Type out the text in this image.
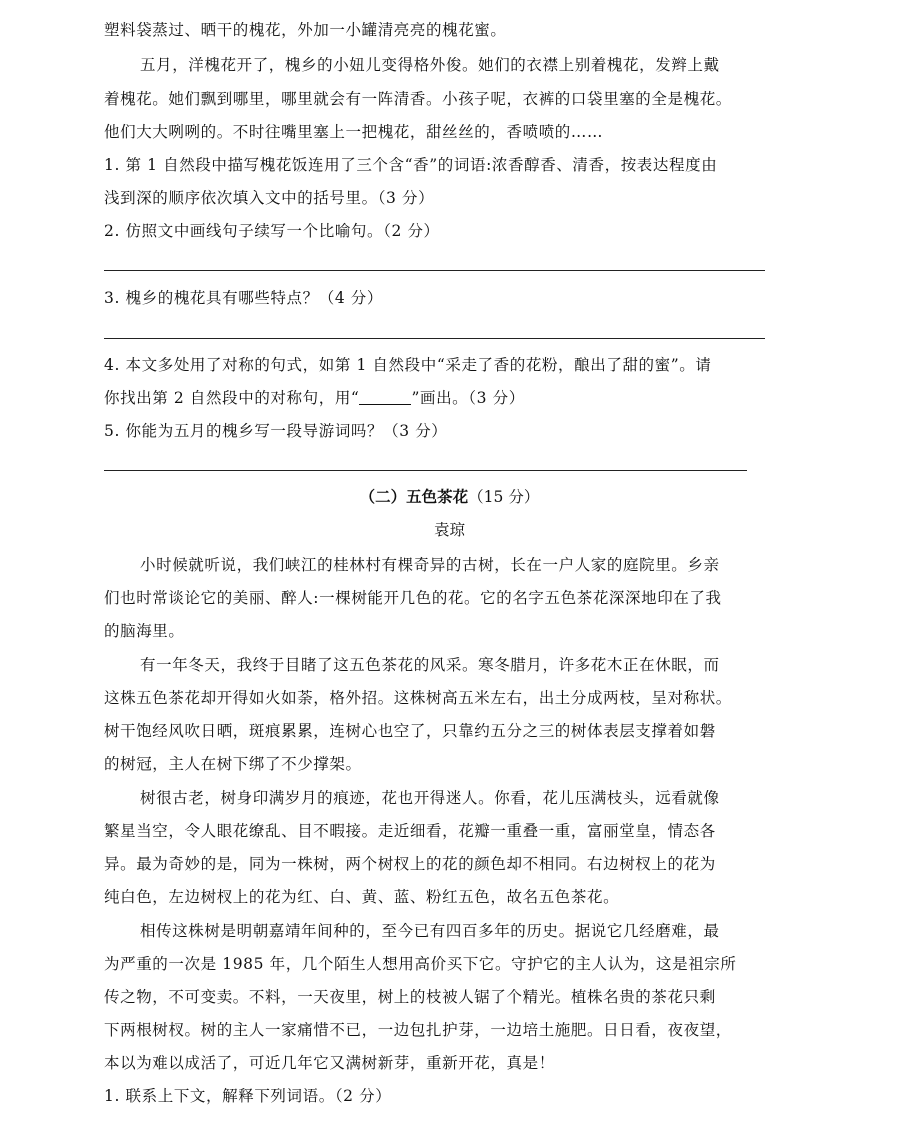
塑料袋蒸过、晒干的槐花，外加一小罐清亮亮的槐花蜜。
五月，洋槐花开了，槐乡的小妞儿变得格外俊。她们的衣襟上别着槐花，发辫上戴
着槐花。她们飘到哪里，哪里就会有一阵清香。小孩子呢，衣裤的口袋里塞的全是槐花。
他们大大咧咧的。不时往嘴里塞上一把槐花，甜丝丝的，香喷喷的……
1. 第 1 自然段中描写槐花饭连用了三个含“香”的词语:浓香醇香、清香，按表达程度由
浅到深的顺序依次填入文中的括号里。（3 分）
2. 仿照文中画线句子续写一个比喻句。（2 分）
3. 槐乡的槐花具有哪些特点？（4 分）
4. 本文多处用了对称的句式，如第 1 自然段中“采走了香的花粉，酿出了甜的蜜”。请
你找出第 2 自然段中的对称句，用“	”画出。（3 分）
5. 你能为五月的槐乡写一段导游词吗？（3 分）
（二）五色茶花（15 分）
袁琼
小时候就听说，我们峡江的桂林村有棵奇异的古树，长在一户人家的庭院里。乡亲
们也时常谈论它的美丽、醉人:一棵树能开几色的花。它的名字五色茶花深深地印在了我
的脑海里。
有一年冬天，我终于目睹了这五色茶花的风采。寒冬腊月，许多花木正在休眠，而
这株五色茶花却开得如火如荼，格外招。这株树高五米左右，出土分成两枝，呈对称状。
树干饱经风吹日晒，斑痕累累，连树心也空了，只靠约五分之三的树体表层支撑着如磐
的树冠，主人在树下绑了不少撑架。
树很古老，树身印满岁月的痕迹，花也开得迷人。你看，花儿压满枝头，远看就像
繁星当空，令人眼花缭乱、目不暇接。走近细看，花瓣一重叠一重，富丽堂皇，情态各
异。最为奇妙的是，同为一株树，两个树杈上的花的颜色却不相同。右边树杈上的花为
纯白色，左边树杈上的花为红、白、黄、蓝、粉红五色，故名五色茶花。
相传这株树是明朝嘉靖年间种的，至今已有四百多年的历史。据说它几经磨难，最
为严重的一次是 1985 年，几个陌生人想用高价买下它。守护它的主人认为，这是祖宗所
传之物，不可变卖。不料，一天夜里，树上的枝被人锯了个精光。植株名贵的茶花只剩
下两根树杈。树的主人一家痛惜不已，一边包扎护芽，一边培土施肥。日日看，夜夜望，
本以为难以成活了，可近几年它又满树新芽，重新开花，真是！
1. 联系上下文，解释下列词语。（2 分）
